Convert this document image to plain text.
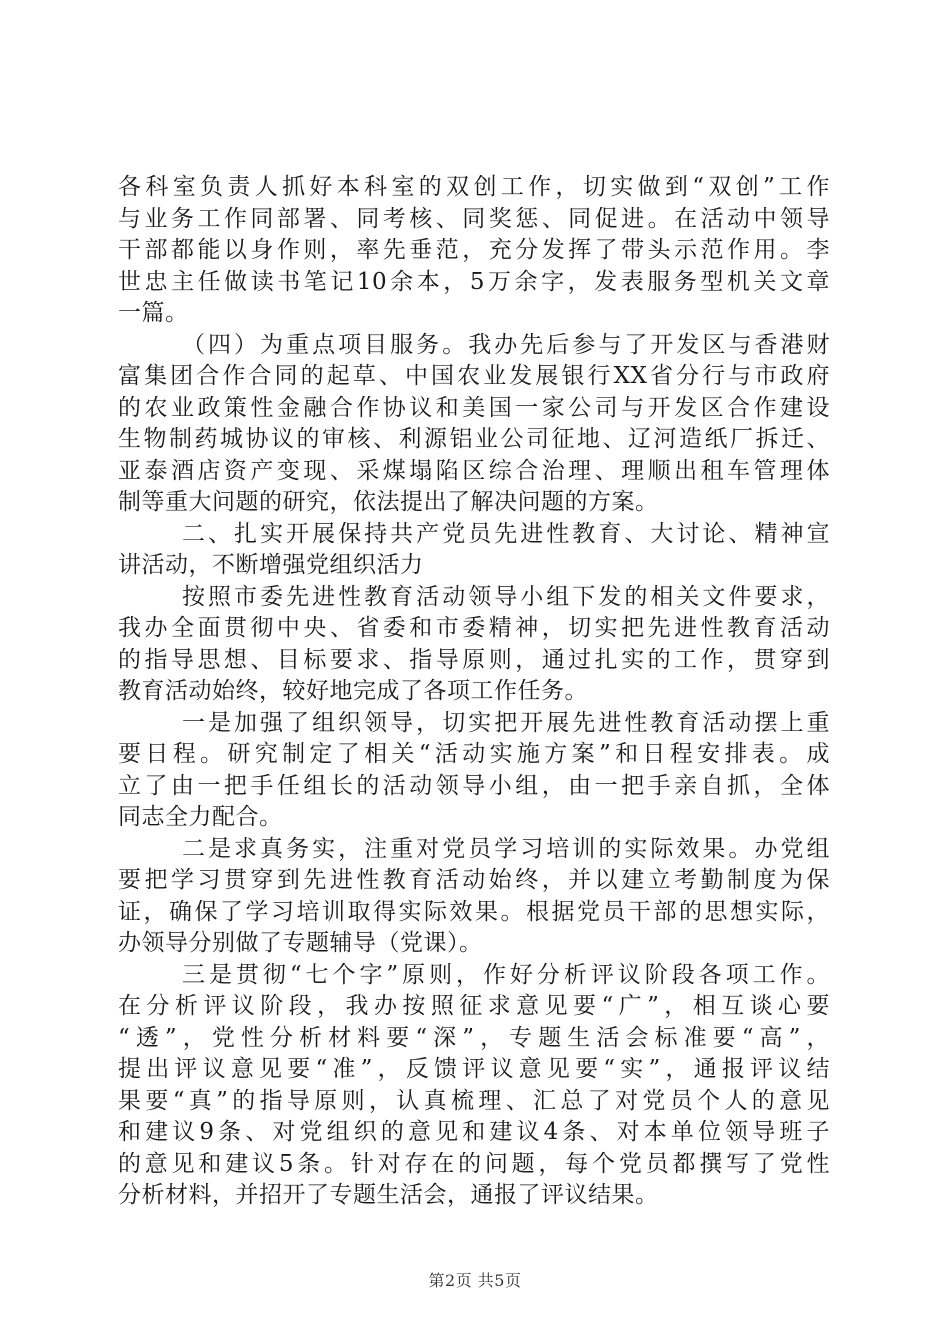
各科室负责人抓好本科室的双创工作，切实做到“双创”工作
与业务工作同部署、同考核、同奖惩、同促进。在活动中领导
干部都能以身作则，率先垂范，充分发挥了带头示范作用。李
世忠主任做读书笔记10余本，5万余字，发表服务型机关文章
一篇。
（四）为重点项目服务。我办先后参与了开发区与香港财
富集团合作合同的起草、中国农业发展银行XX省分行与市政府
的农业政策性金融合作协议和美国一家公司与开发区合作建设
生物制药城协议的审核、利源铝业公司征地、辽河造纸厂拆迁、
亚泰酒店资产变现、采煤塌陷区综合治理、理顺出租车管理体
制等重大问题的研究，依法提出了解决问题的方案。
二、扎实开展保持共产党员先进性教育、大讨论、精神宣
讲活动，不断增强党组织活力
按照市委先进性教育活动领导小组下发的相关文件要求，
我办全面贯彻中央、省委和市委精神，切实把先进性教育活动
的指导思想、目标要求、指导原则，通过扎实的工作，贯穿到
教育活动始终，较好地完成了各项工作任务。
一是加强了组织领导，切实把开展先进性教育活动摆上重
要日程。研究制定了相关“活动实施方案”和日程安排表。成
立了由一把手任组长的活动领导小组，由一把手亲自抓，全体
同志全力配合。
二是求真务实，注重对党员学习培训的实际效果。办党组
要把学习贯穿到先进性教育活动始终，并以建立考勤制度为保
证，确保了学习培训取得实际效果。根据党员干部的思想实际，
办领导分别做了专题辅导（党课）。
三是贯彻“七个字”原则，作好分析评议阶段各项工作。
在分析评议阶段，我办按照征求意见要“广”，相互谈心要
“透”，党性分析材料要“深”，专题生活会标准要“高”，
提出评议意见要“准”，反馈评议意见要“实”，通报评议结
果要“真”的指导原则，认真梳理、汇总了对党员个人的意见
和建议9条、对党组织的意见和建议4条、对本单位领导班子
的意见和建议5条。针对存在的问题，每个党员都撰写了党性
分析材料，并招开了专题生活会，通报了评议结果。
第2页 共5页
